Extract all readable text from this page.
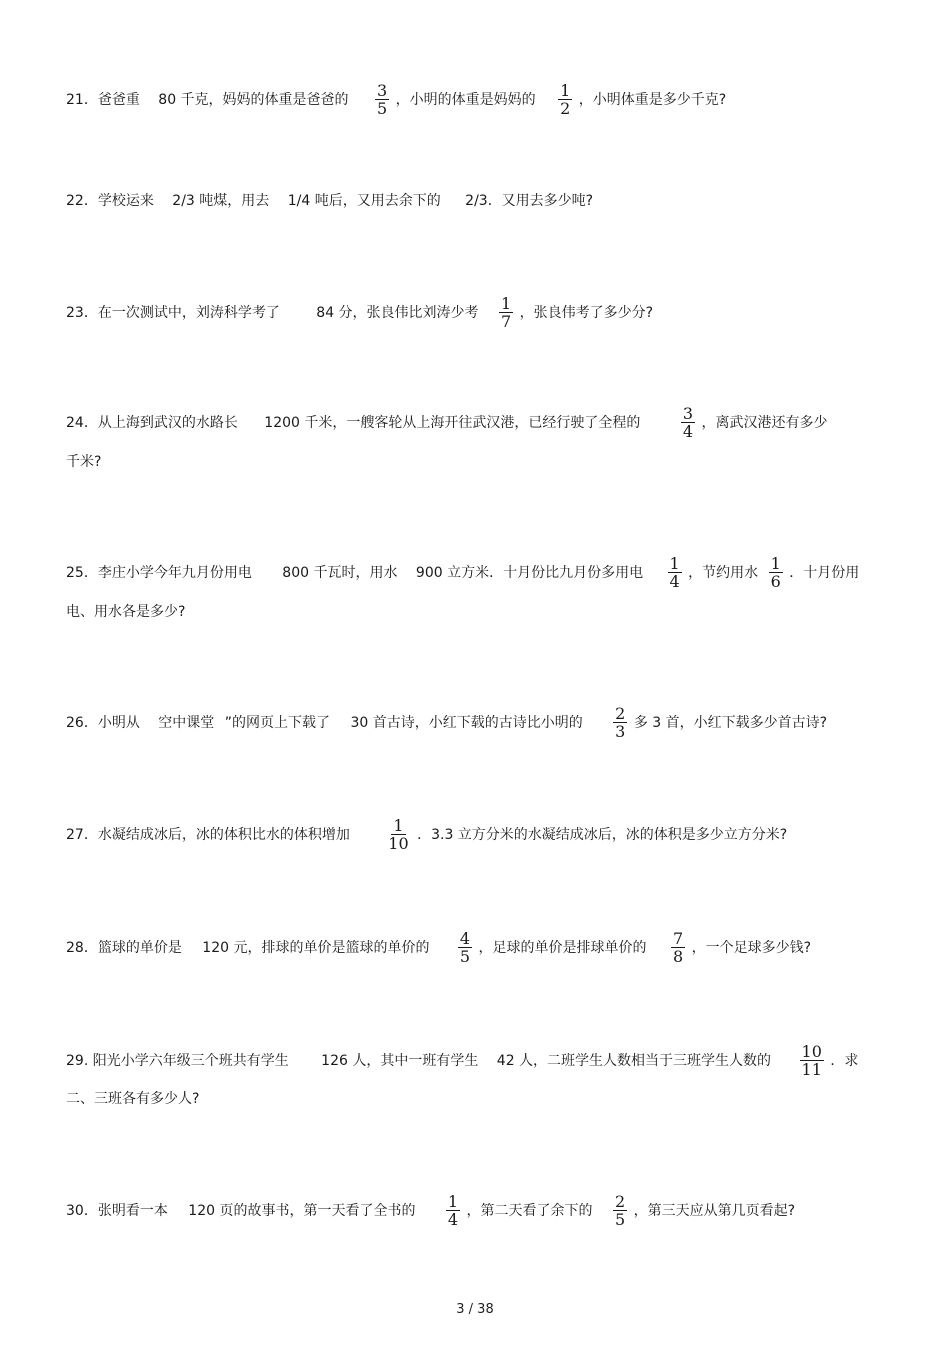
21．爸爸重 80 千克，妈妈的体重是爸爸的 $\frac{3}{5}$ ，小明的体重是妈妈的 $\frac{1}{2}$ ，小明体重是多少千克?
22．学校运来 2/3 吨煤，用去 1/4 吨后，又用去余下的 2/3．又用去多少吨?
23．在一次测试中，刘涛科学考了	84 分，张良伟比刘涛少考 $\frac{1}{7}$ ，张良伟考了多少分?
24．从上海到武汉的水路长 1200 千米，一艘客轮从上海开往武汉港，已经行驶了全程的	$\frac{3}{4}$ ，离武汉港还有多少
千米?
25．李庄小学今年九月份用电 800 千瓦时，用水 900 立方米．十月份比九月份多用电 $\frac{1}{4}$ ，节约用水 $\frac{1}{6}$ ．十月份用
电、用水各是多少?
26．小明从 空中课堂 ”的网页上下载了 30 首古诗，小红下载的古诗比小明的 $\frac{2}{3}$ 多 3 首，小红下载多少首古诗?
27．水凝结成冰后，冰的体积比水的体积增加 $\frac{1}{10}$ ．3.3 立方分米的水凝结成冰后，冰的体积是多少立方分米?
28．篮球的单价是 120 元，排球的单价是篮球的单价的 $\frac{4}{5}$ ，足球的单价是排球单价的 $\frac{7}{8}$ ，一个足球多少钱?
29. 阳光小学六年级三个班共有学生 126 人，其中一班有学生 42 人，二班学生人数相当于三班学生人数的 $\frac{10}{11}$ ．求
二、三班各有多少人?
30．张明看一本 120 页的故事书，第一天看了全书的 $\frac{1}{4}$ ，第二天看了余下的 $\frac{2}{5}$ ，第三天应从第几页看起?
3 / 38
